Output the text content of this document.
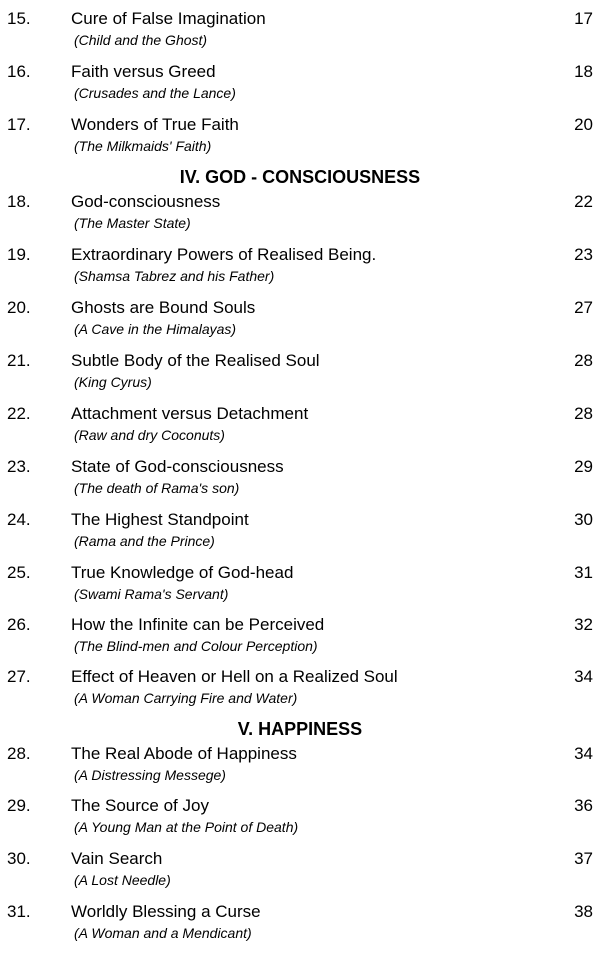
15. Cure of False Imagination
(Child and the Ghost)
17
16. Faith versus Greed
(Crusades and the Lance)
18
17. Wonders of True Faith
(The Milkmaids' Faith)
20
IV. GOD - CONSCIOUSNESS
18. God-consciousness
(The Master State)
22
19. Extraordinary Powers of Realised Being.
(Shamsa Tabrez and his Father)
23
20. Ghosts are Bound Souls
(A Cave in the Himalayas)
27
21. Subtle Body of the Realised Soul
(King Cyrus)
28
22. Attachment versus Detachment
(Raw and dry Coconuts)
28
23. State of God-consciousness
(The death of Rama's son)
29
24. The Highest Standpoint
(Rama and the Prince)
30
25. True Knowledge of God-head
(Swami Rama's Servant)
31
26. How the Infinite can be Perceived
(The Blind-men and Colour Perception)
32
27. Effect of Heaven or Hell on a Realized Soul
(A Woman Carrying Fire and Water)
34
V. HAPPINESS
28. The Real Abode of Happiness
(A Distressing Messege)
34
29. The Source of Joy
(A Young Man at the Point of Death)
36
30. Vain Search
(A Lost Needle)
37
31. Worldly Blessing a Curse
(A Woman and a Mendicant)
38
